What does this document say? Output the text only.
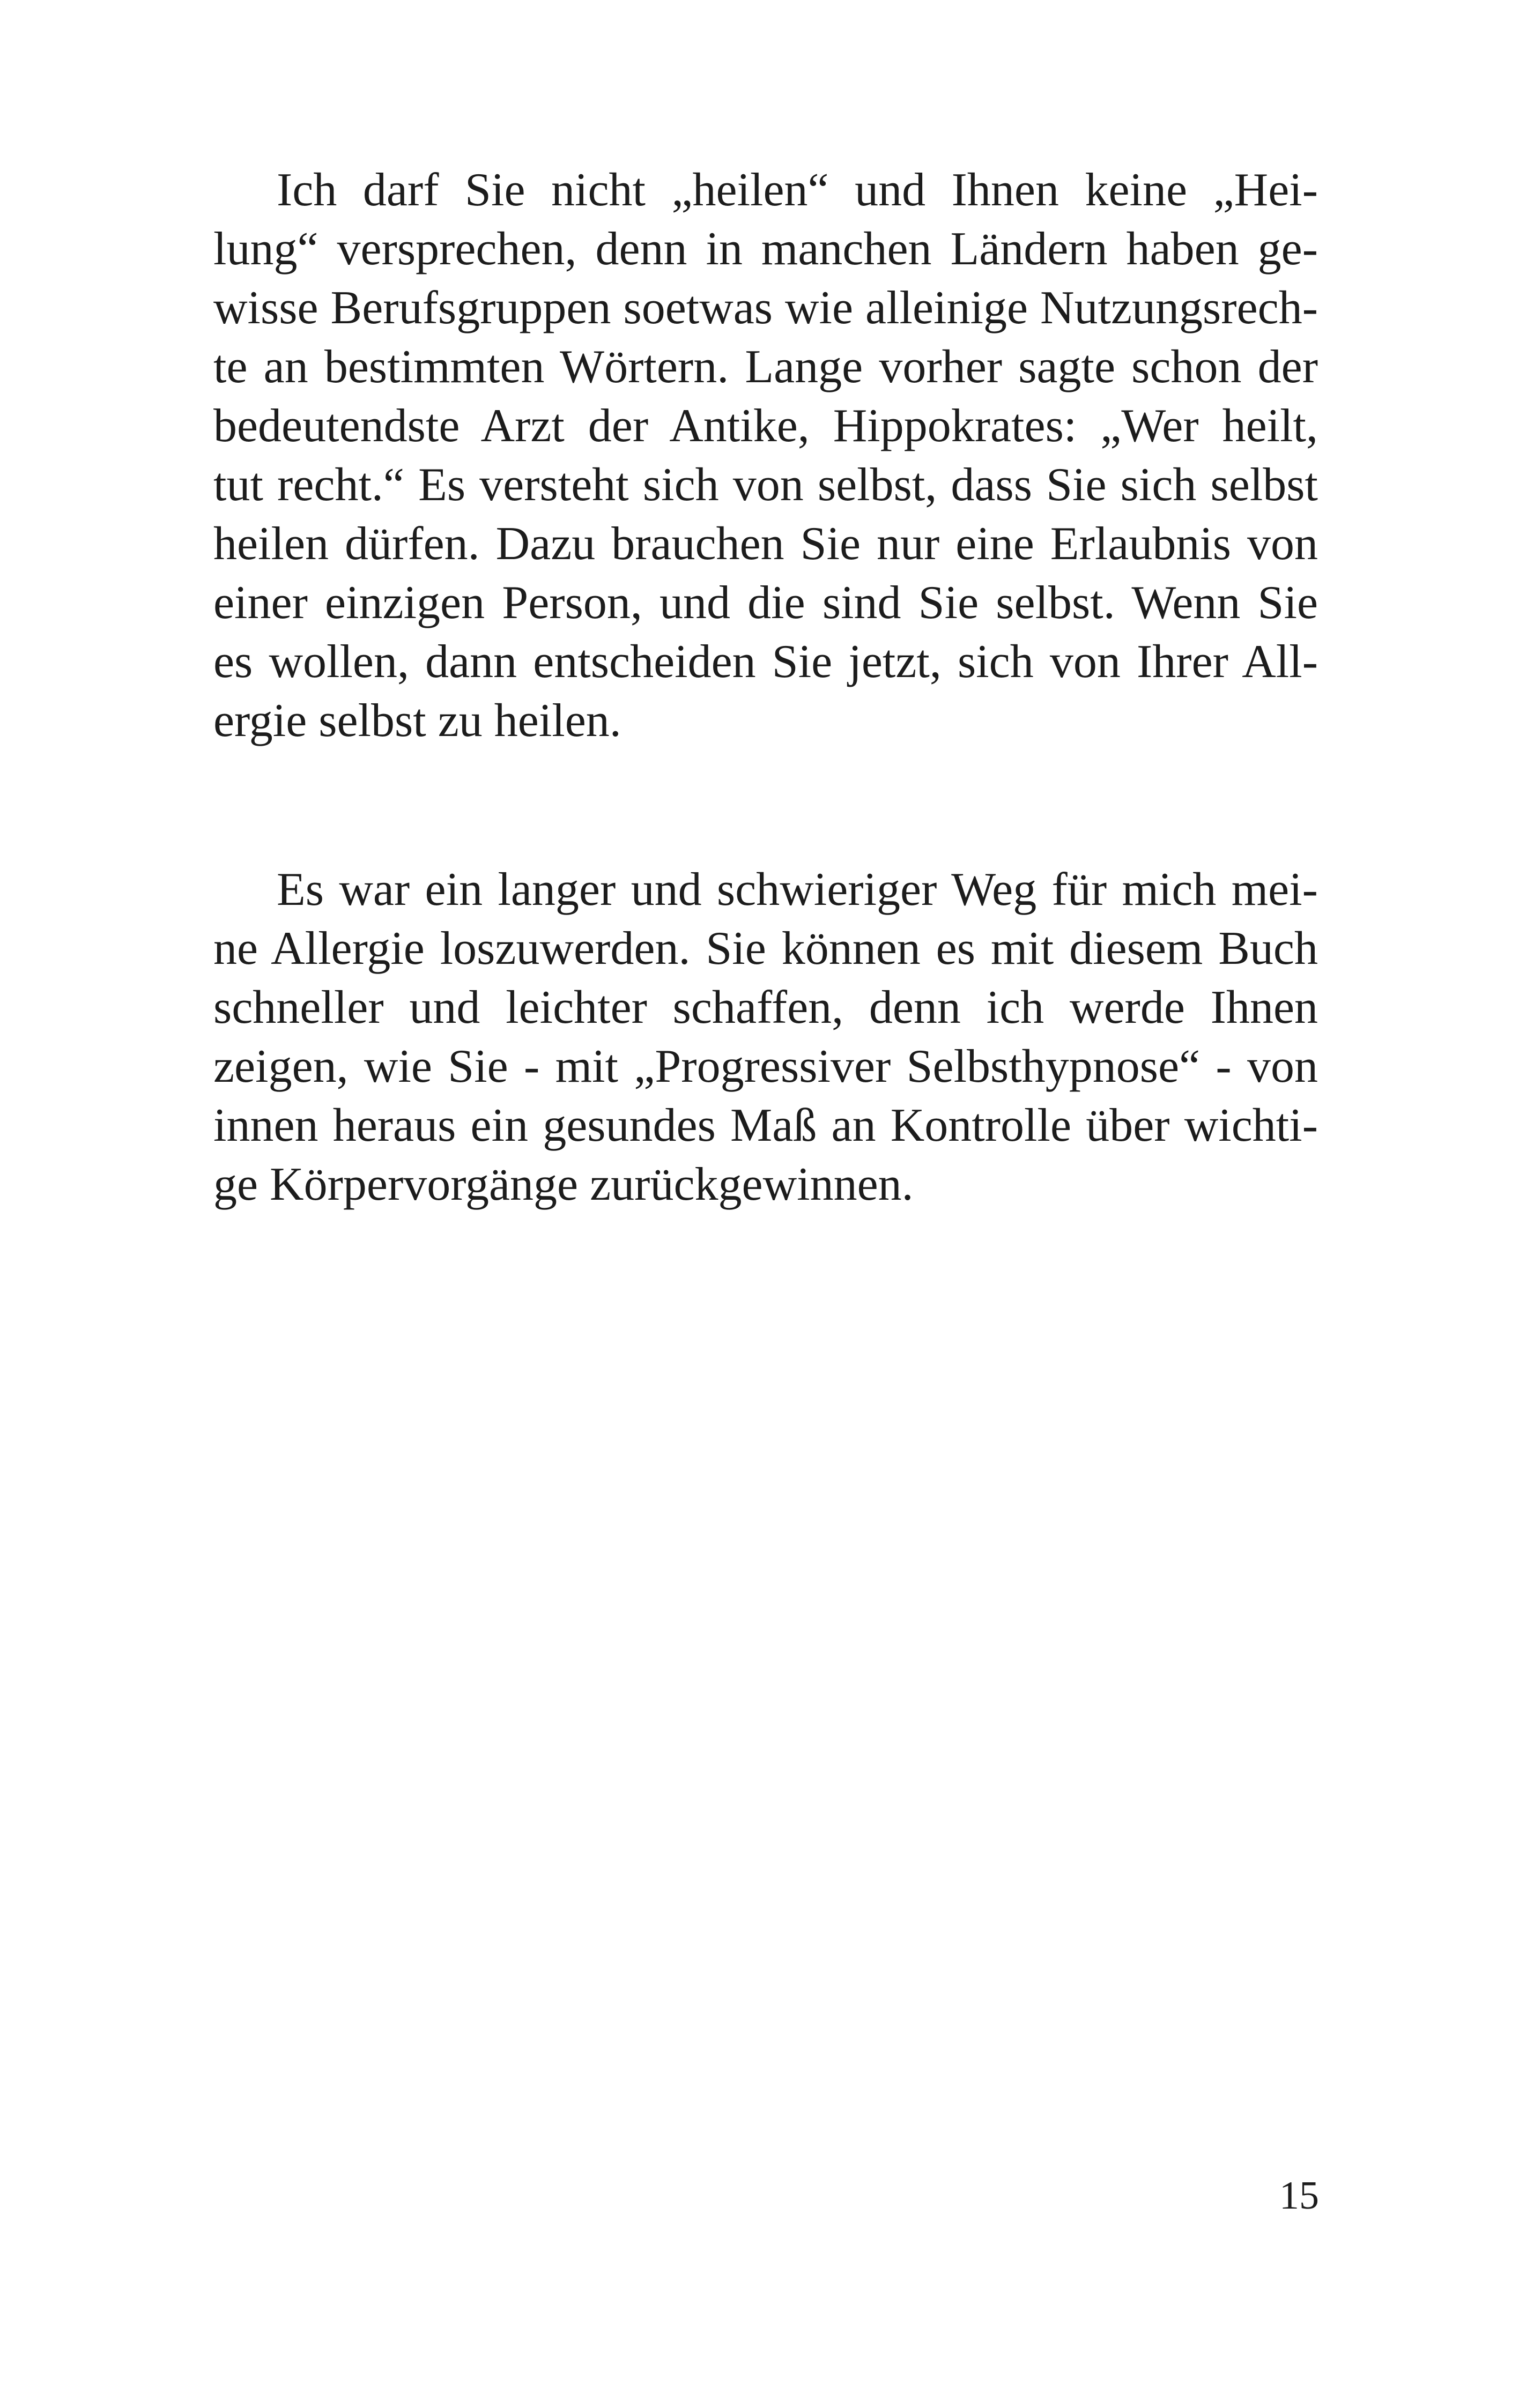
Ich darf Sie nicht „heilen“ und Ihnen keine „Hei-
lung“ versprechen, denn in manchen Ländern haben ge-
wisse Berufsgruppen soetwas wie alleinige Nutzungsrech-
te an bestimmten Wörtern. Lange vorher sagte schon der
bedeutendste Arzt der Antike, Hippokrates: „Wer heilt,
tut recht.“ Es versteht sich von selbst, dass Sie sich selbst
heilen dürfen. Dazu brauchen Sie nur eine Erlaubnis von
einer einzigen Person, und die sind Sie selbst. Wenn Sie
es wollen, dann entscheiden Sie jetzt, sich von Ihrer All-
ergie selbst zu heilen.

Es war ein langer und schwieriger Weg für mich mei-
ne Allergie loszuwerden. Sie können es mit diesem Buch
schneller und leichter schaffen, denn ich werde Ihnen
zeigen, wie Sie - mit „Progressiver Selbsthypnose“ - von
innen heraus ein gesundes Maß an Kontrolle über wichti-
ge Körpervorgänge zurückgewinnen.

15
